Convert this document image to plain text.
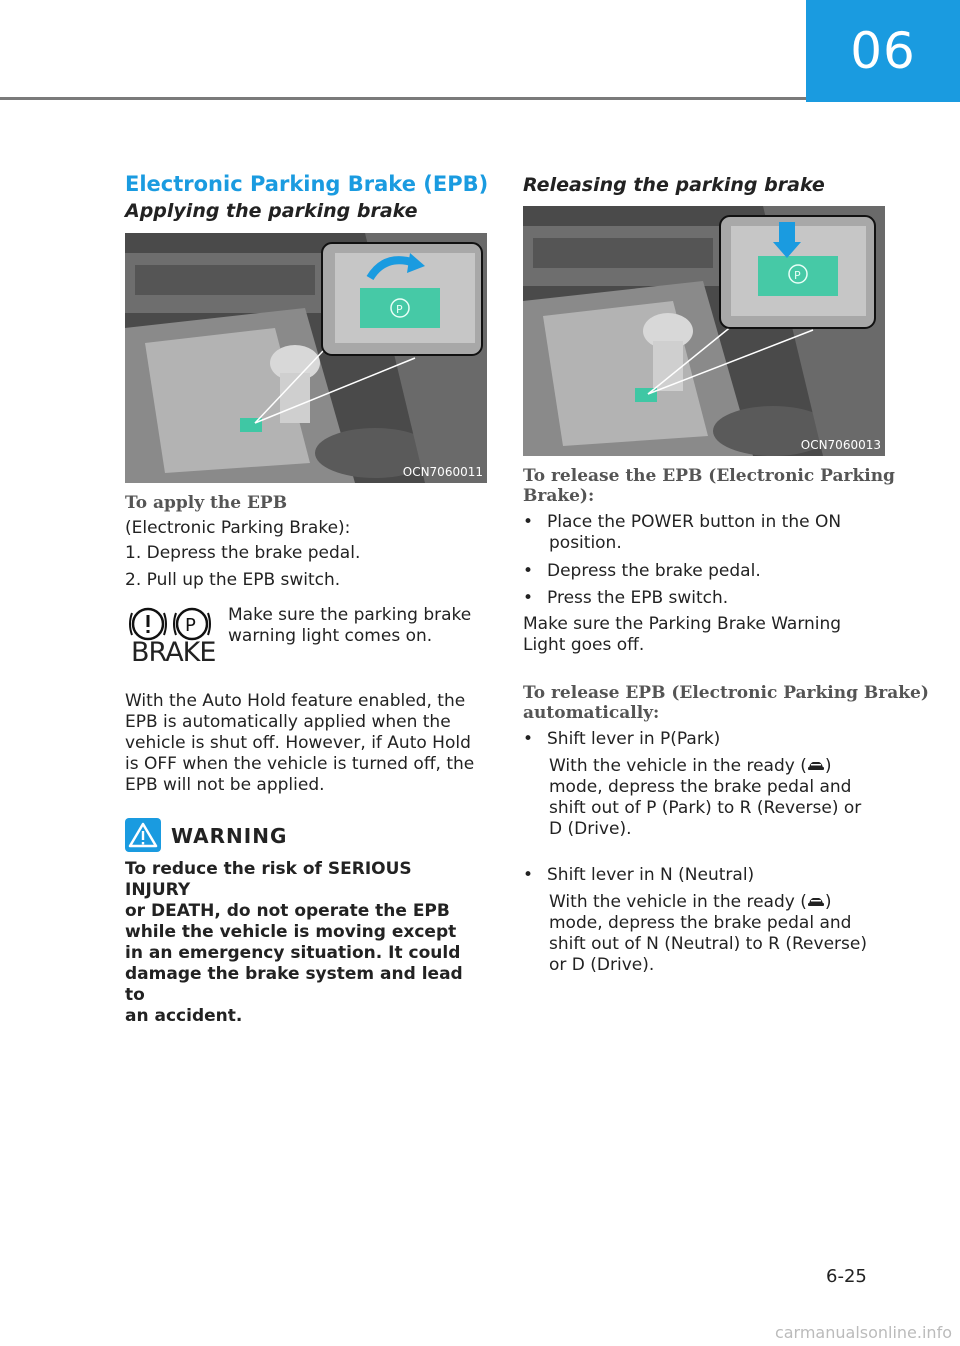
06
Electronic Parking Brake (EPB)
Applying the parking brake
P
OCN7060011
To apply the EPB
(Electronic Parking Brake):
1. Depress the brake pedal.
2. Pull up the EPB switch.
P
BRAKE
Make sure the parking brake
warning light comes on.
With the Auto Hold feature enabled, the
EPB is automatically applied when the
vehicle is shut off. However, if Auto Hold
is OFF when the vehicle is turned off, the
EPB will not be applied.
WARNING
To reduce the risk of SERIOUS INJURY
or DEATH, do not operate the EPB
while the vehicle is moving except
in an emergency situation. It could
damage the brake system and lead to
an accident.
Releasing the parking brake
P
OCN7060013
To release the EPB (Electronic Parking
Brake):
• Place the POWER button in the ON
position.
• Depress the brake pedal.
• Press the EPB switch.
Make sure the Parking Brake Warning
Light goes off.
To release EPB (Electronic Parking Brake)
automatically:
• Shift lever in P(Park)
With the vehicle in the ready ( )
mode, depress the brake pedal and
shift out of P (Park) to R (Reverse) or
D (Drive).
• Shift lever in N (Neutral)
With the vehicle in the ready ( )
mode, depress the brake pedal and
shift out of N (Neutral) to R (Reverse)
or D (Drive).
6-25
carmanualsonline.info
